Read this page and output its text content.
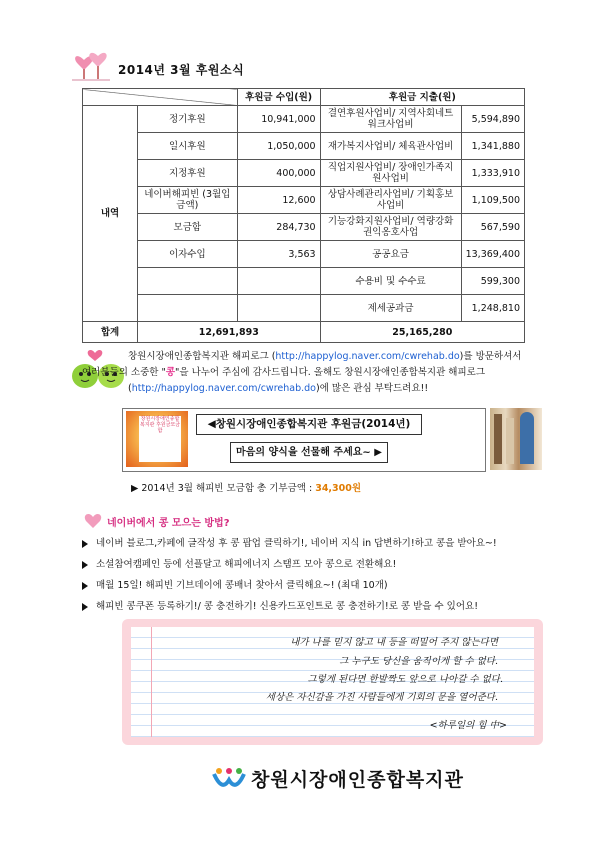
2014년 3월 후원소식
		후원금 수입(원)	후원금 지출(원)	
내역	정기후원	10,941,000	결연후원사업비/ 지역사회네트워크사업비	5,594,890
	일시후원	1,050,000	재가복지사업비/ 체육관사업비	1,341,880
	지정후원	400,000	직업지원사업비/ 장애인가족지원사업비	1,333,910
	네이버해피빈 (3월입금액)	12,600	상담사례관리사업비/ 기획홍보사업비	1,109,500
	모금함	284,730	기능강화지원사업비/ 역량강화권익옹호사업	567,590
	이자수입	3,563	공공요금	13,369,400
			수용비 및 수수료	599,300
			제세공과금	1,248,810
합계	12,691,893		25,165,280	
창원시장애인종합복지관 해피로그 (http://happylog.naver.com/cwrehab.do)를 방문하셔서
여러분들의 소중한 "콩"을 나누어 주심에 감사드립니다. 올해도 창원시장애인종합복지관 해피로그
(http://happylog.naver.com/cwrehab.do)에 많은 관심 부탁드려요!!
창원시장애인종합복지관 후원금모금함
◀창원시장애인종합복지관 후원금(2014년)
마음의 양식을 선물해 주세요~ ▶
▶ 2014년 3월 해피빈 모금함 총 기부금액 : 34,300원
네이버에서 콩 모으는 방법?
네이버 블로그,카페에 글작성 후 콩 팝업 클릭하기!, 네이버 지식 in 답변하기!하고 콩을 받아요~!
소셜참여캠페인 등에 선플달고 해피에너지 스탬프 모아 콩으로 전환해요!
매월 15일! 해피빈 기브데이에 콩배너 찾아서 클릭해요~! (최대 10개)
해피빈 콩쿠폰 등록하기!/ 콩 충전하기! 신용카드포인트로 콩 충전하기!로 콩 받을 수 있어요!
내가 나를 믿지 않고 내 등을 떠밀어 주지 않는다면
그 누구도 당신을 움직이게 할 수 없다.
그렇게 된다면 한발짝도 앞으로 나아갈 수 없다.
세상은 자신감을 가진 사람들에게 기회의 문을 열어준다.
<하루일의 힘 中>
창원시장애인종합복지관
